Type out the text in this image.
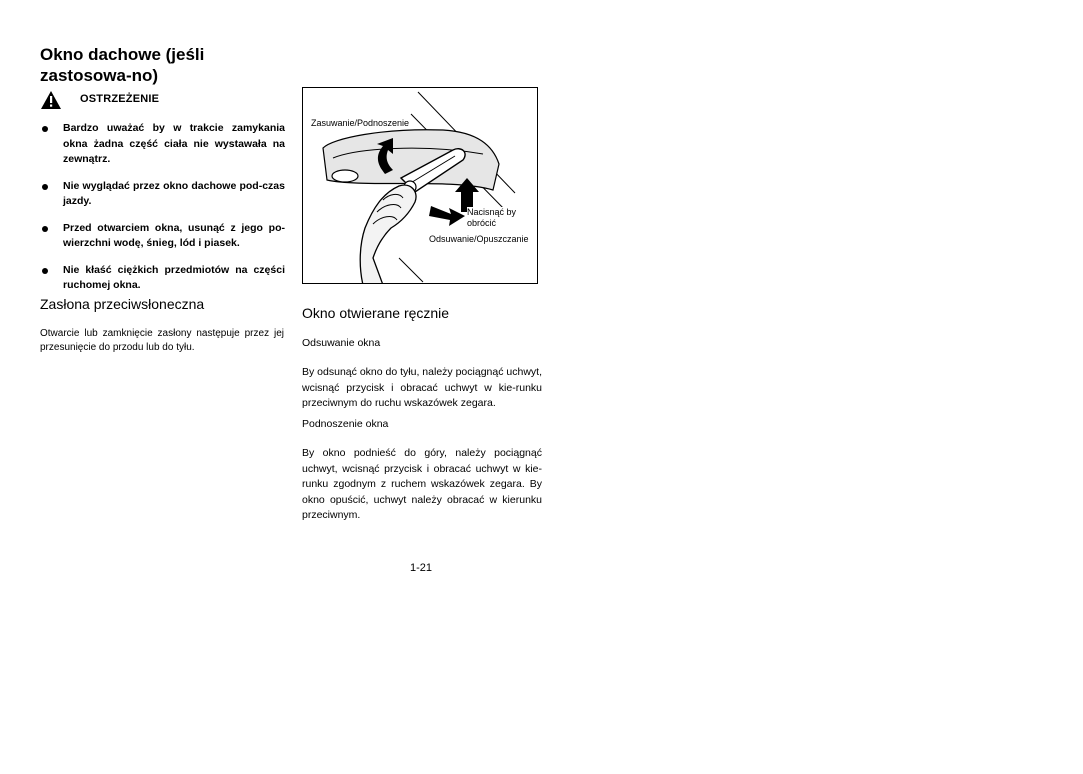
Okno dachowe (jeśli zastosowa-no)
OSTRZEŻENIE
Bardzo uważać by w trakcie zamykania okna żadna część ciała nie wystawała na zewnątrz.
Nie wyglądać przez okno dachowe pod-czas jazdy.
Przed otwarciem okna, usunąć z jego po-wierzchni wodę, śnieg, lód i piasek.
Nie kłaść ciężkich przedmiotów na części ruchomej okna.
Zasłona przeciwsłoneczna

Otwarcie lub zamknięcie zasłony następuje przez jej przesunięcie do przodu lub do tyłu.

Zasuwanie/Podnoszenie
Nacisnąć by obrócić
Odsuwanie/Opuszczanie
Okno otwierane ręcznie

Odsuwanie okna

By odsunąć okno do tyłu, należy pociągnąć uchwyt, wcisnąć przycisk i obracać uchwyt w kie-runku przeciwnym do ruchu wskazówek zegara.

Podnoszenie okna

By okno podnieść do góry, należy pociągnąć uchwyt, wcisnąć przycisk i obracać uchwyt w kie-runku zgodnym z ruchem wskazówek zegara. By okno opuścić, uchwyt należy obracać w kierunku przeciwnym.

1-21
